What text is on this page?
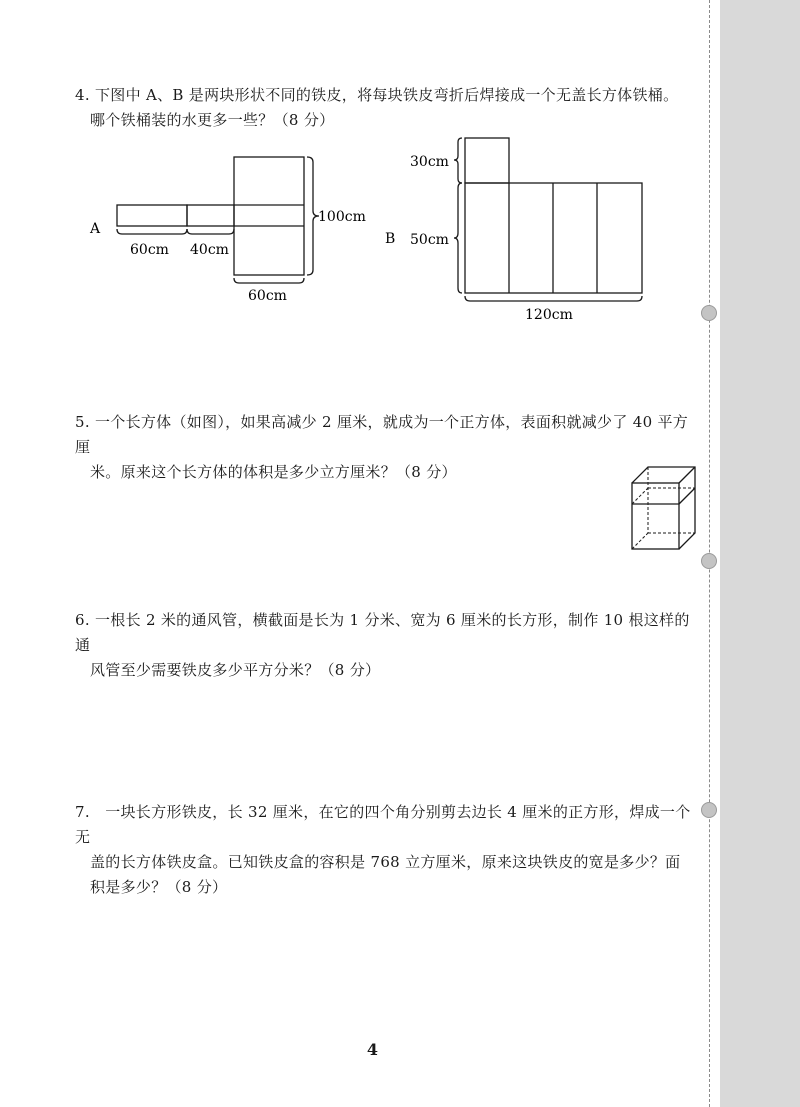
4. 下图中 A、B 是两块形状不同的铁皮，将每块铁皮弯折后焊接成一个无盖长方体铁桶。

哪个铁桶装的水更多一些？（8 分）

A
60cm 40cm
100cm
60cm
B
30cm
50cm
120cm

5. 一个长方体（如图），如果高减少 2 厘米，就成为一个正方体，表面积就减少了 40 平方厘

米。原来这个长方体的体积是多少立方厘米？（8 分）

6. 一根长 2 米的通风管，横截面是长为 1 分米、宽为 6 厘米的长方形，制作 10 根这样的通

风管至少需要铁皮多少平方分米？（8 分）

7.　一块长方形铁皮，长 32 厘米，在它的四个角分别剪去边长 4 厘米的正方形，焊成一个无

盖的长方体铁皮盒。已知铁皮盒的容积是 768 立方厘米，原来这块铁皮的宽是多少？面

积是多少？（8 分）

4
